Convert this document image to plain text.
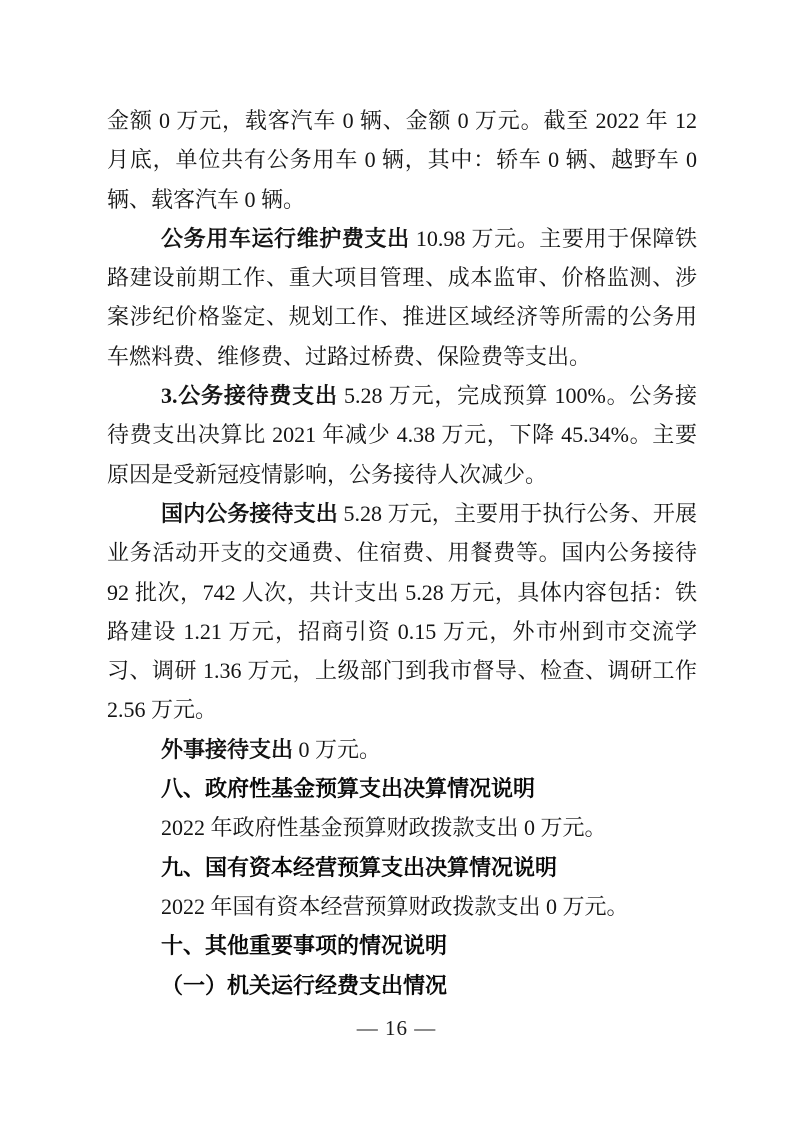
金额 0 万元，载客汽车 0 辆、金额 0 万元。截至 2022 年 12 月底，单位共有公务用车 0 辆，其中：轿车 0 辆、越野车 0 辆、载客汽车 0 辆。

公务用车运行维护费支出 10.98 万元。主要用于保障铁路建设前期工作、重大项目管理、成本监审、价格监测、涉案涉纪价格鉴定、规划工作、推进区域经济等所需的公务用车燃料费、维修费、过路过桥费、保险费等支出。

3.公务接待费支出 5.28 万元，完成预算 100%。公务接待费支出决算比 2021 年减少 4.38 万元，下降 45.34%。主要原因是受新冠疫情影响，公务接待人次减少。

国内公务接待支出 5.28 万元，主要用于执行公务、开展业务活动开支的交通费、住宿费、用餐费等。国内公务接待 92 批次，742 人次，共计支出 5.28 万元，具体内容包括：铁路建设 1.21 万元，招商引资 0.15 万元，外市州到市交流学习、调研 1.36 万元，上级部门到我市督导、检查、调研工作 2.56 万元。

外事接待支出 0 万元。

八、政府性基金预算支出决算情况说明

2022 年政府性基金预算财政拨款支出 0 万元。

九、国有资本经营预算支出决算情况说明

2022 年国有资本经营预算财政拨款支出 0 万元。

十、其他重要事项的情况说明

（一）机关运行经费支出情况

— 16 —
